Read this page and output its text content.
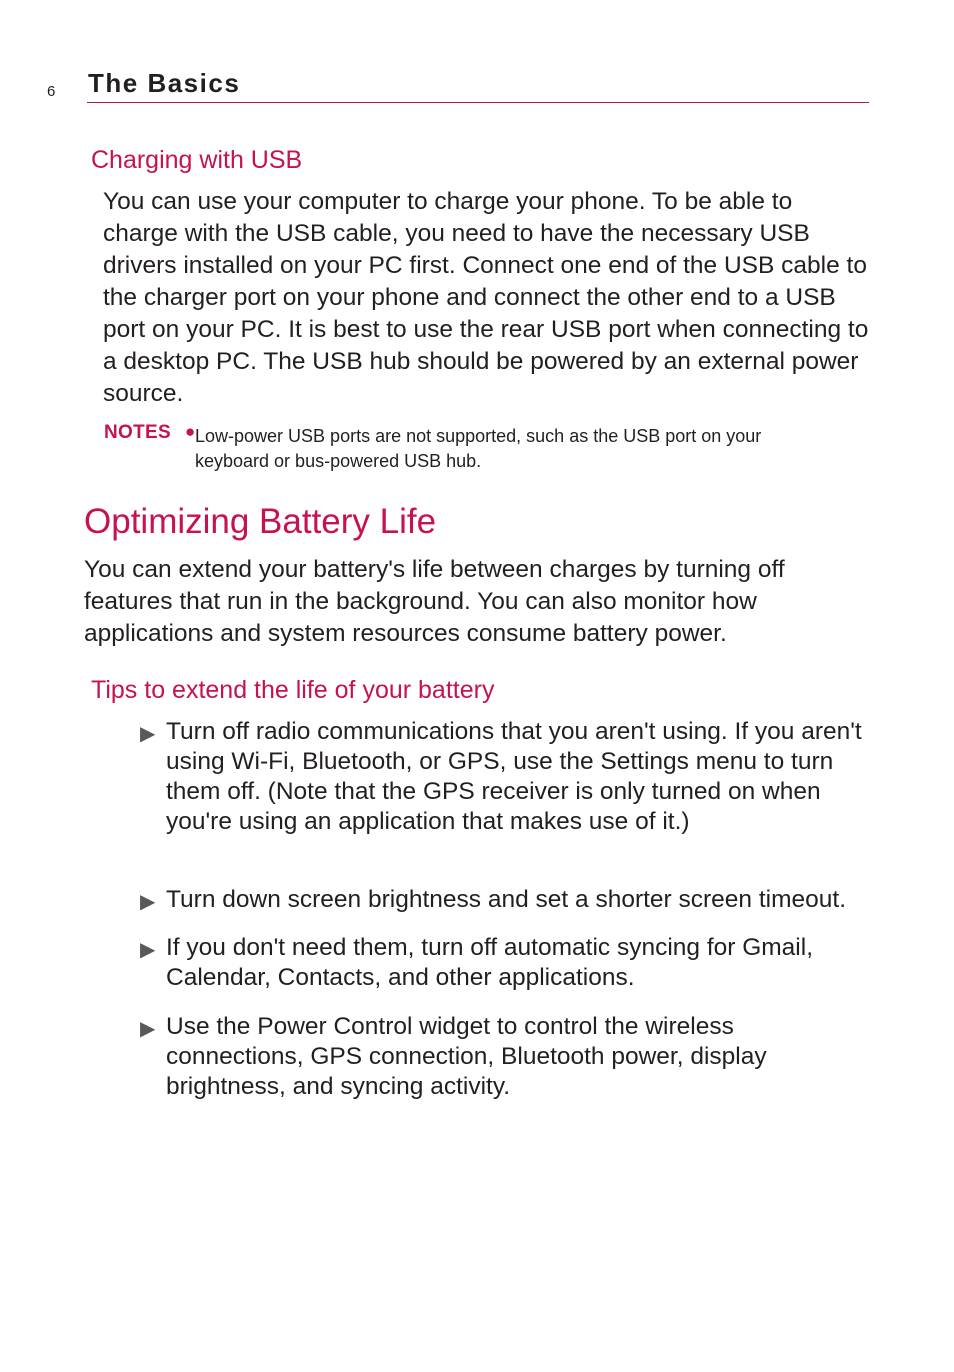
6 The Basics
Charging with USB
You can use your computer to charge your phone. To be able to charge with the USB cable, you need to have the necessary USB drivers installed on your PC first. Connect one end of the USB cable to the charger port on your phone and connect the other end to a USB port on your PC. It is best to use the rear USB port when connecting to a desktop PC. The USB hub should be powered by an external power source.
NOTES ● Low-power USB ports are not supported, such as the USB port on your keyboard or bus-powered USB hub.
Optimizing Battery Life
You can extend your battery's life between charges by turning off features that run in the background. You can also monitor how applications and system resources consume battery power.
Tips to extend the life of your battery
▶ Turn off radio communications that you aren't using. If you aren't using Wi-Fi, Bluetooth, or GPS, use the Settings menu to turn them off. (Note that the GPS receiver is only turned on when you're using an application that makes use of it.)
▶ Turn down screen brightness and set a shorter screen timeout.
▶ If you don't need them, turn off automatic syncing for Gmail, Calendar, Contacts, and other applications.
▶ Use the Power Control widget to control the wireless connections, GPS connection, Bluetooth power, display brightness, and syncing activity.
